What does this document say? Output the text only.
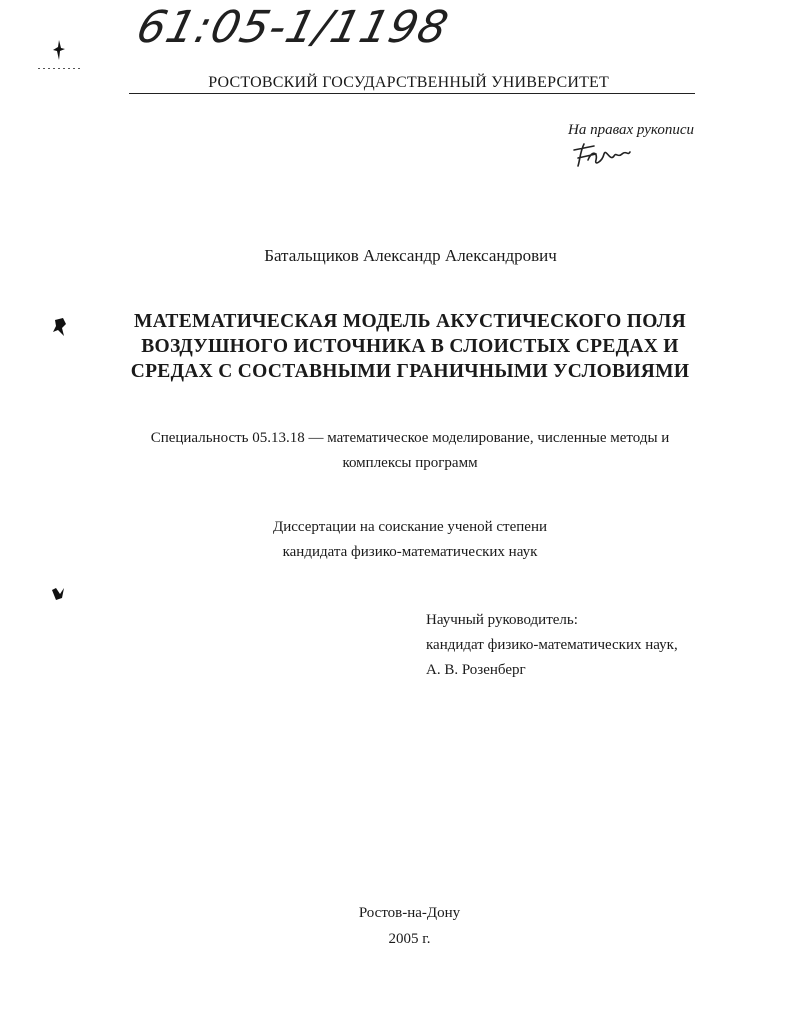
61:05-1/1198
РОСТОВСКИЙ ГОСУДАРСТВЕННЫЙ УНИВЕРСИТЕТ
На правах рукописи
Батальщиков Александр Александрович
МАТЕМАТИЧЕСКАЯ МОДЕЛЬ АКУСТИЧЕСКОГО ПОЛЯ
ВОЗДУШНОГО ИСТОЧНИКА В СЛОИСТЫХ СРЕДАХ И
СРЕДАХ С СОСТАВНЫМИ ГРАНИЧНЫМИ УСЛОВИЯМИ
Специальность 05.13.18 — математическое моделирование, численные методы и
комплексы программ
Диссертации на соискание ученой степени
кандидата физико-математических наук
Научный руководитель:
кандидат физико-математических наук,
А. В. Розенберг
Ростов-на-Дону
2005 г.
